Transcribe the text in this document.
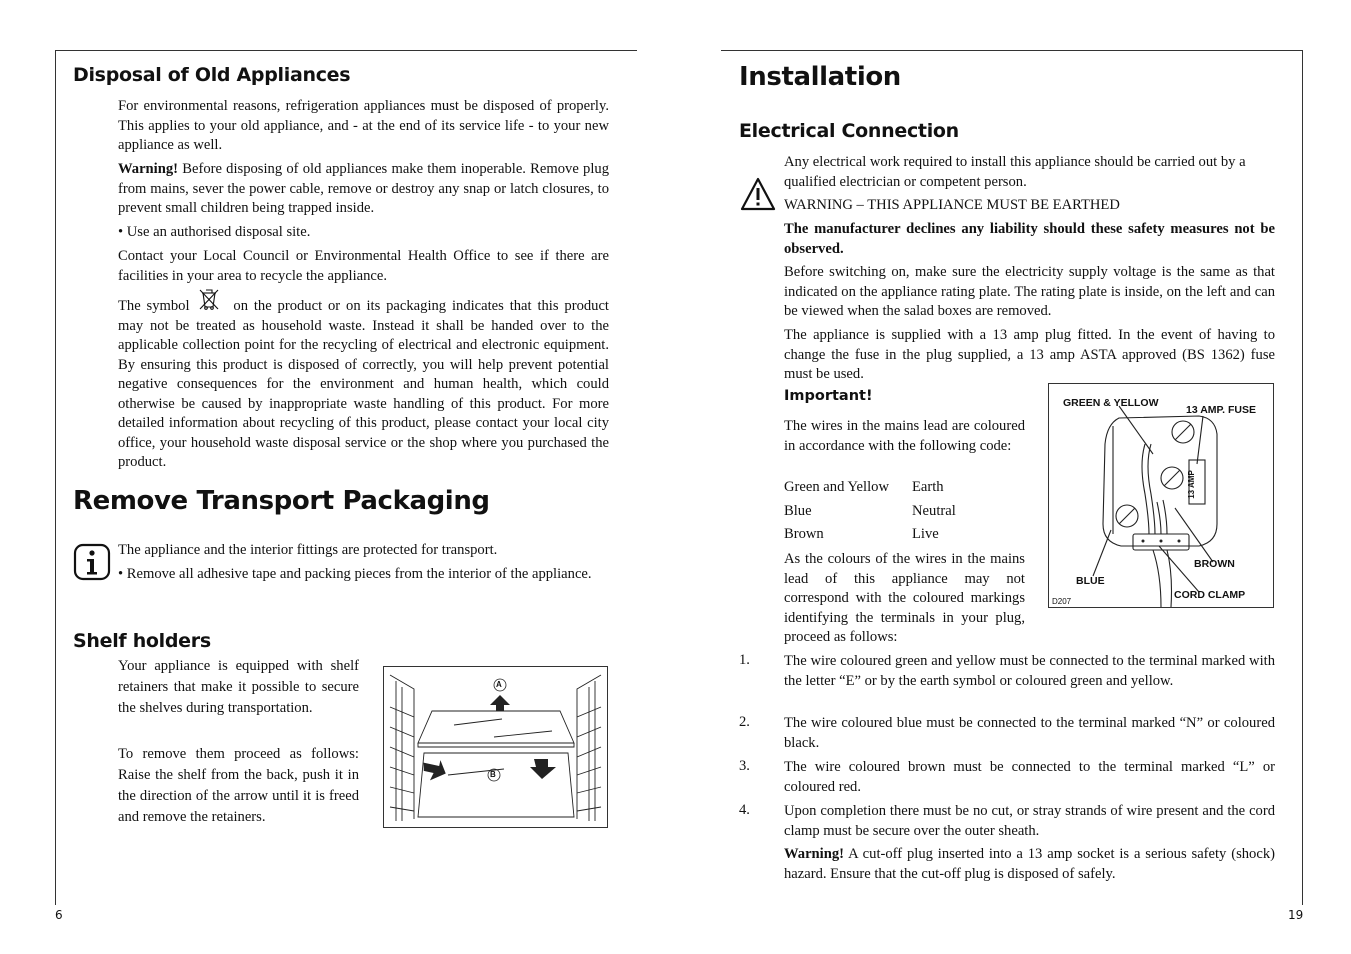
6
Disposal of Old Appliances
For environmental reasons, refrigeration appliances must be disposed of properly. This applies to your old appliance, and - at the end of its service life - to your new appliance as well.
Warning! Before disposing of old appliances make them inoperable. Remove plug from mains, sever the power cable, remove or destroy any snap or latch closures, to prevent small children being trapped inside.
• Use an authorised disposal site.
Contact your Local Council or Environmental Health Office to see if there are facilities in your area to recycle the appliance.
The symbol	on the product or on its packaging indicates that this product may not be treated as household waste. Instead it shall be handed over to the applicable collection point for the recycling of electrical and electronic equipment. By ensuring this product is disposed of correctly, you will help prevent potential negative consequences for the environment and human health, which could otherwise be caused by inappropriate waste handling of this product. For more detailed information about recycling of this product, please contact your local city office, your household waste disposal service or the shop where you purchased the product.
Remove Transport Packaging
The appliance and the interior fittings are protected for transport.
• Remove all adhesive tape and packing pieces from the interior of the appliance.
Shelf holders
Your appliance is equipped with shelf retainers that make it possible to secure the shelves during transportation.
To remove them proceed as follows: Raise the shelf from the back, push it in the direction of the arrow until it is freed and remove the retainers.
A
B
19
Installation
Electrical Connection
Any electrical work required to install this appliance should be carried out by a qualified electrician or competent person.
WARNING – THIS APPLIANCE MUST BE EARTHED
The manufacturer declines any liability should these safety measures not be observed.
Before switching on, make sure the electricity supply voltage is the same as that indicated on the appliance rating plate. The rating plate is inside, on the left and can be viewed when the salad boxes are removed.
The appliance is supplied with a 13 amp plug fitted. In the event of having to change the fuse in the plug supplied, a 13 amp ASTA approved (BS 1362) fuse must be used.
Important!
The wires in the mains lead are coloured in accordance with the following code:
Green and Yellow Earth
Blue	Neutral
Brown	Live
As the colours of the wires in the mains lead of this appliance may not correspond with the coloured markings identifying the terminals in your plug, proceed as follows:
GREEN & YELLOW
13 AMP. FUSE
13 AMP
BLUE
BROWN
CORD CLAMP
D207
1. The wire coloured green and yellow must be connected to the terminal marked with the letter “E” or by the earth symbol or coloured green and yellow.
2. The wire coloured blue must be connected to the terminal marked “N” or coloured black.
3. The wire coloured brown must be connected to the terminal marked “L” or coloured red.
4. Upon completion there must be no cut, or stray strands of wire present and the cord clamp must be secure over the outer sheath.
Warning! A cut-off plug inserted into a 13 amp socket is a serious safety (shock) hazard. Ensure that the cut-off plug is disposed of safely.
